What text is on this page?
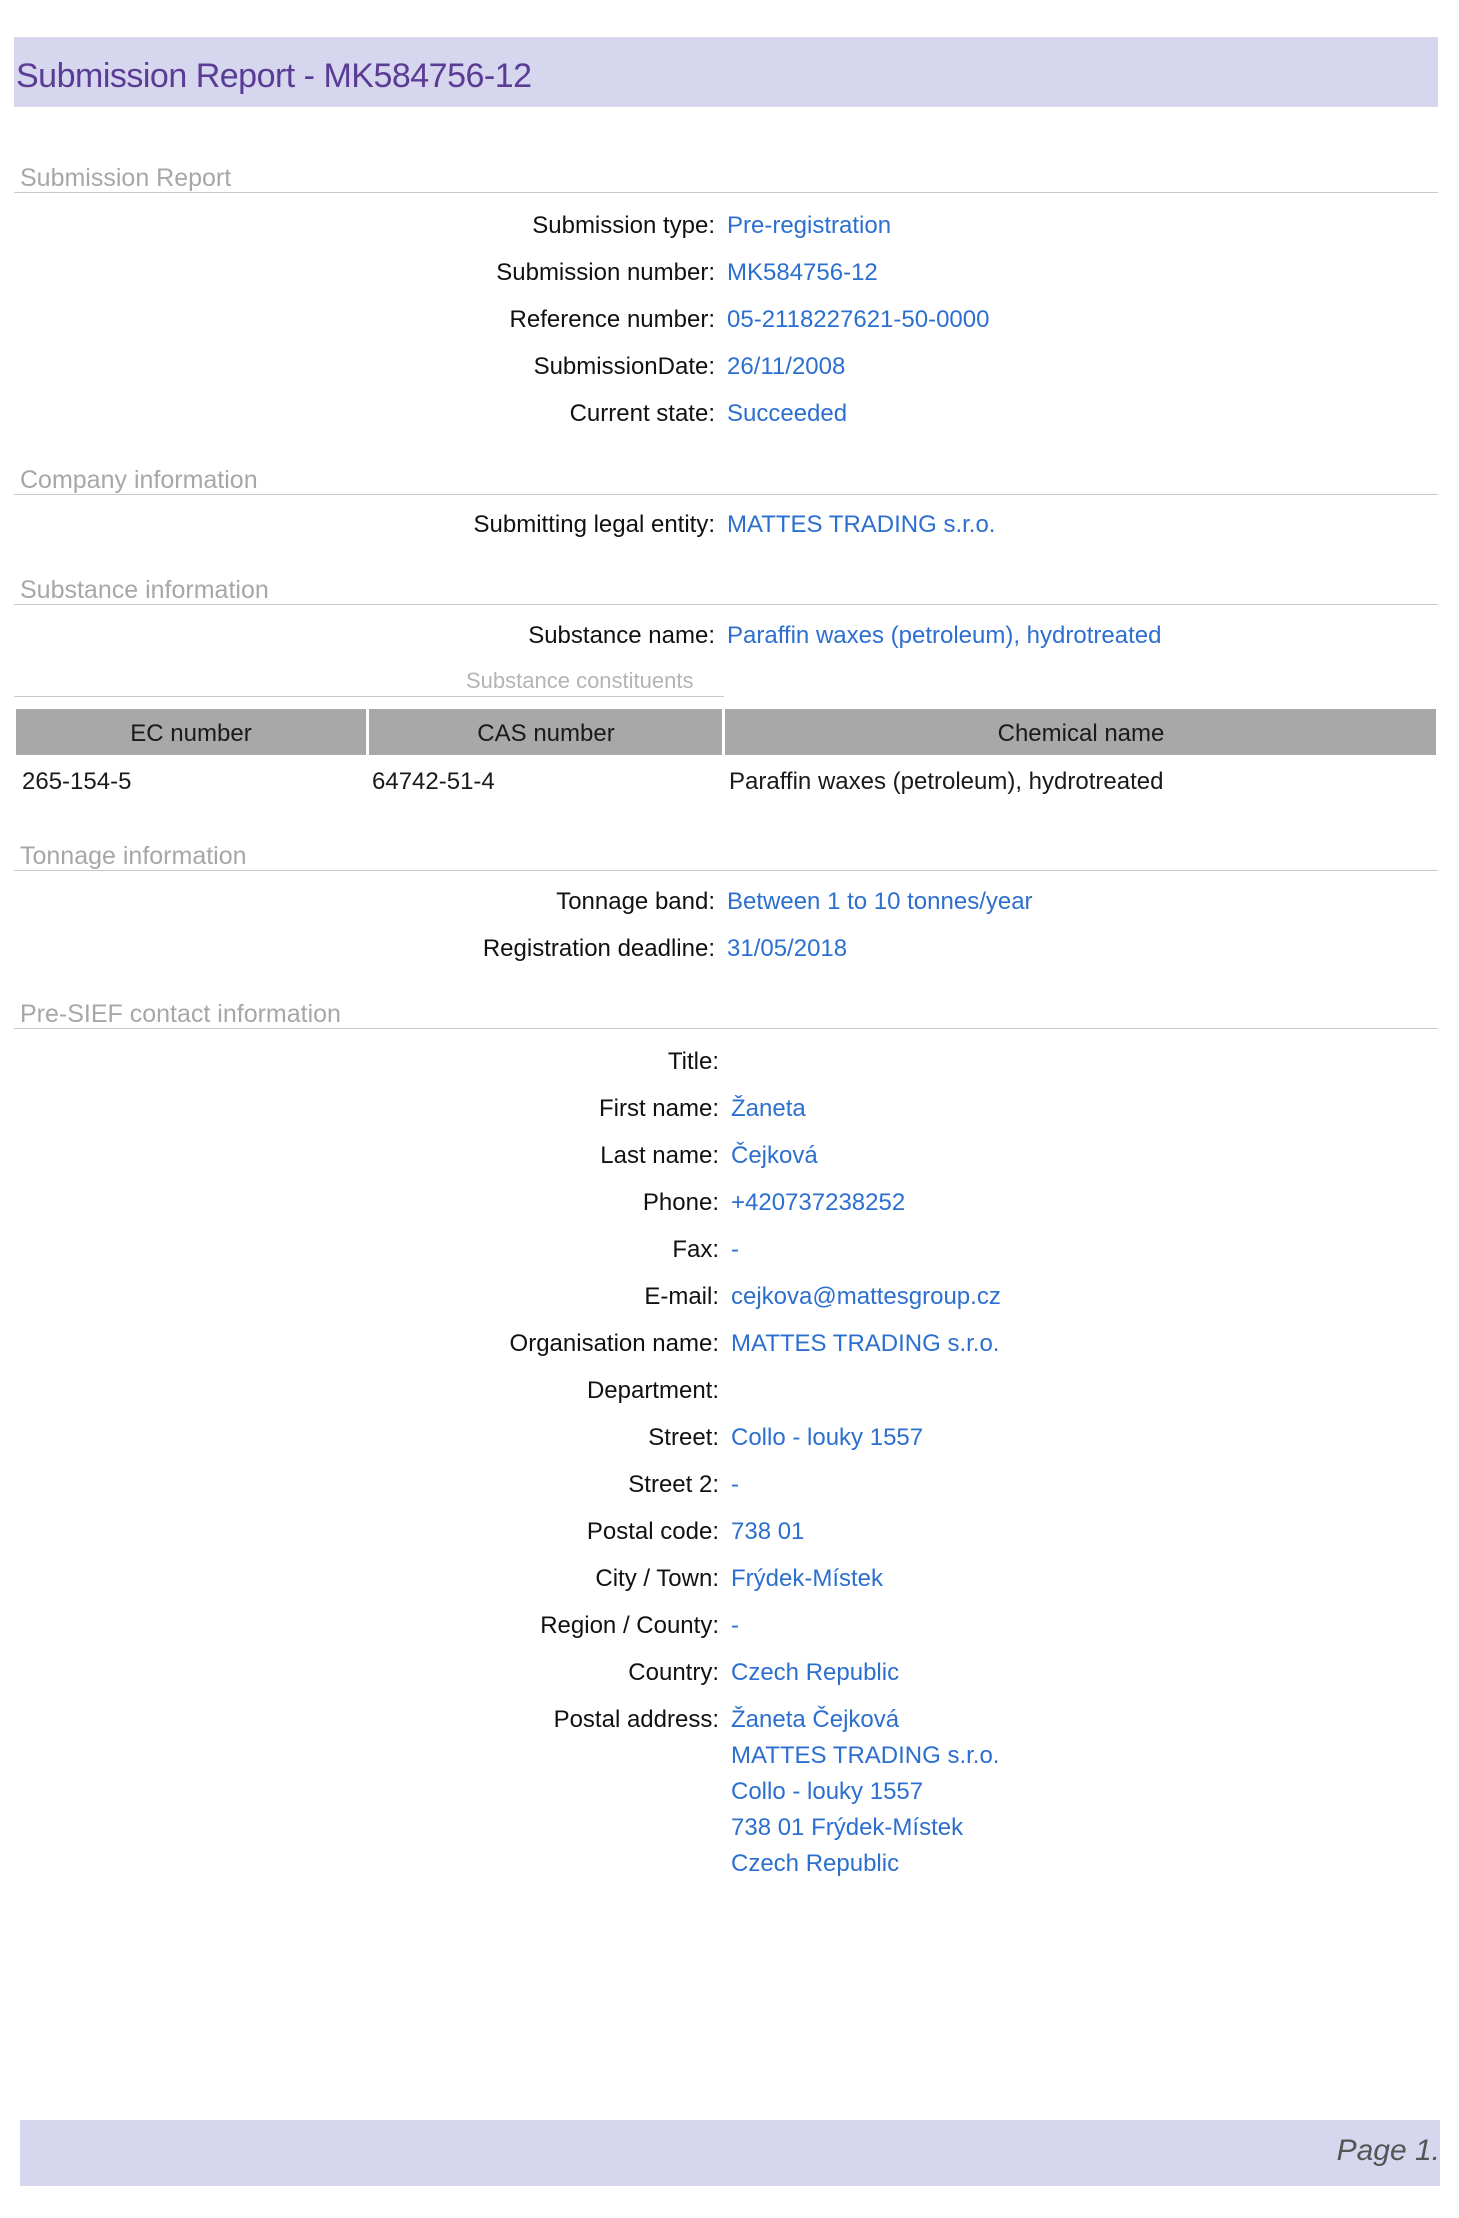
Submission Report - MK584756-12
Submission Report
Submission type: Pre-registration
Submission number: MK584756-12
Reference number: 05-2118227621-50-0000
SubmissionDate: 26/11/2008
Current state: Succeeded
Company information
Submitting legal entity: MATTES TRADING s.r.o.
Substance information
Substance name: Paraffin waxes (petroleum), hydrotreated
Substance constituents
EC number	CAS number	Chemical name
265-154-5	64742-51-4	Paraffin waxes (petroleum), hydrotreated
Tonnage information
Tonnage band: Between 1 to 10 tonnes/year
Registration deadline: 31/05/2018
Pre-SIEF contact information
Title:
First name: Žaneta
Last name: Čejková
Phone: +420737238252
Fax: -
E-mail: cejkova@mattesgroup.cz
Organisation name: MATTES TRADING s.r.o.
Department:
Street: Collo - louky 1557
Street 2: -
Postal code: 738 01
City / Town: Frýdek-Místek
Region / County: -
Country: Czech Republic
Postal address: Žaneta Čejková
MATTES TRADING s.r.o.
Collo - louky 1557
738 01 Frýdek-Místek
Czech Republic
Page 1.
